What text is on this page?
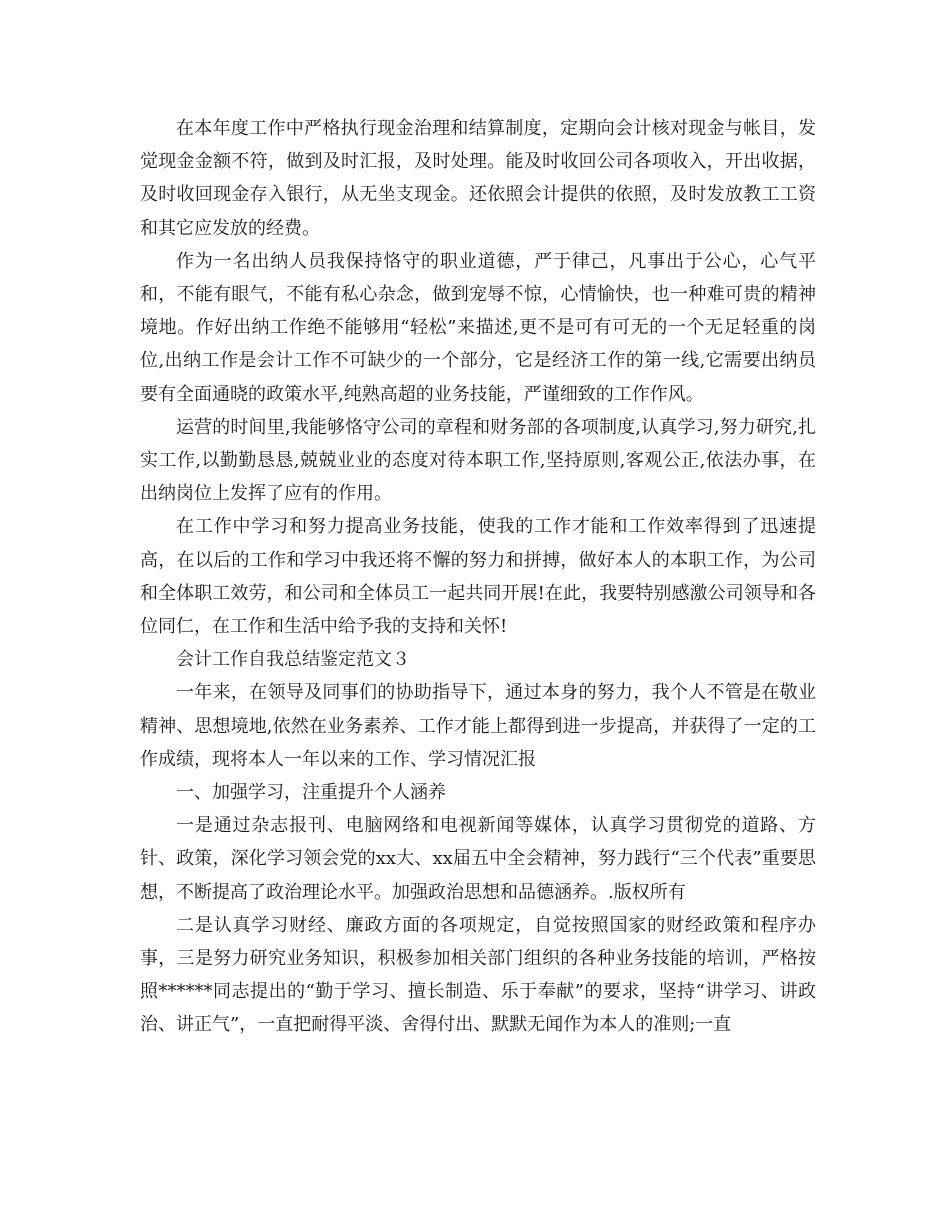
在本年度工作中严格执行现金治理和结算制度，定期向会计核对现金与帐目，发觉现金金额不符，做到及时汇报，及时处理。能及时收回公司各项收入，开出收据，及时收回现金存入银行，从无坐支现金。还依照会计提供的依照，及时发放教工工资和其它应发放的经费。

作为一名出纳人员我保持恪守的职业道德，严于律己，凡事出于公心，心气平和，不能有眼气，不能有私心杂念，做到宠辱不惊，心情愉快，也一种难可贵的精神境地。作好出纳工作绝不能够用“轻松”来描述,更不是可有可无的一个无足轻重的岗位,出纳工作是会计工作不可缺少的一个部分，它是经济工作的第一线,它需要出纳员要有全面通晓的政策水平,纯熟高超的业务技能，严谨细致的工作作风。

运营的时间里,我能够恪守公司的章程和财务部的各项制度,认真学习,努力研究,扎实工作,以勤勤恳恳,兢兢业业的态度对待本职工作,坚持原则,客观公正,依法办事，在出纳岗位上发挥了应有的作用。

在工作中学习和努力提高业务技能，使我的工作才能和工作效率得到了迅速提高，在以后的工作和学习中我还将不懈的努力和拼搏，做好本人的本职工作，为公司和全体职工效劳，和公司和全体员工一起共同开展!在此，我要特别感激公司领导和各位同仁，在工作和生活中给予我的支持和关怀!

会计工作自我总结鉴定范文３

一年来，在领导及同事们的协助指导下，通过本身的努力，我个人不管是在敬业精神、思想境地,依然在业务素养、工作才能上都得到进一步提高，并获得了一定的工作成绩，现将本人一年以来的工作、学习情况汇报

一、加强学习，注重提升个人涵养

一是通过杂志报刊、电脑网络和电视新闻等媒体，认真学习贯彻党的道路、方针、政策，深化学习领会党的xx大、xx届五中全会精神，努力践行“三个代表”重要思想，不断提高了政治理论水平。加强政治思想和品德涵养。.版权所有

二是认真学习财经、廉政方面的各项规定，自觉按照国家的财经政策和程序办事，三是努力研究业务知识，积极参加相关部门组织的各种业务技能的培训，严格按照******同志提出的“勤于学习、擅长制造、乐于奉献”的要求，坚持“讲学习、讲政治、讲正气”，一直把耐得平淡、舍得付出、默默无闻作为本人的准则;一直
